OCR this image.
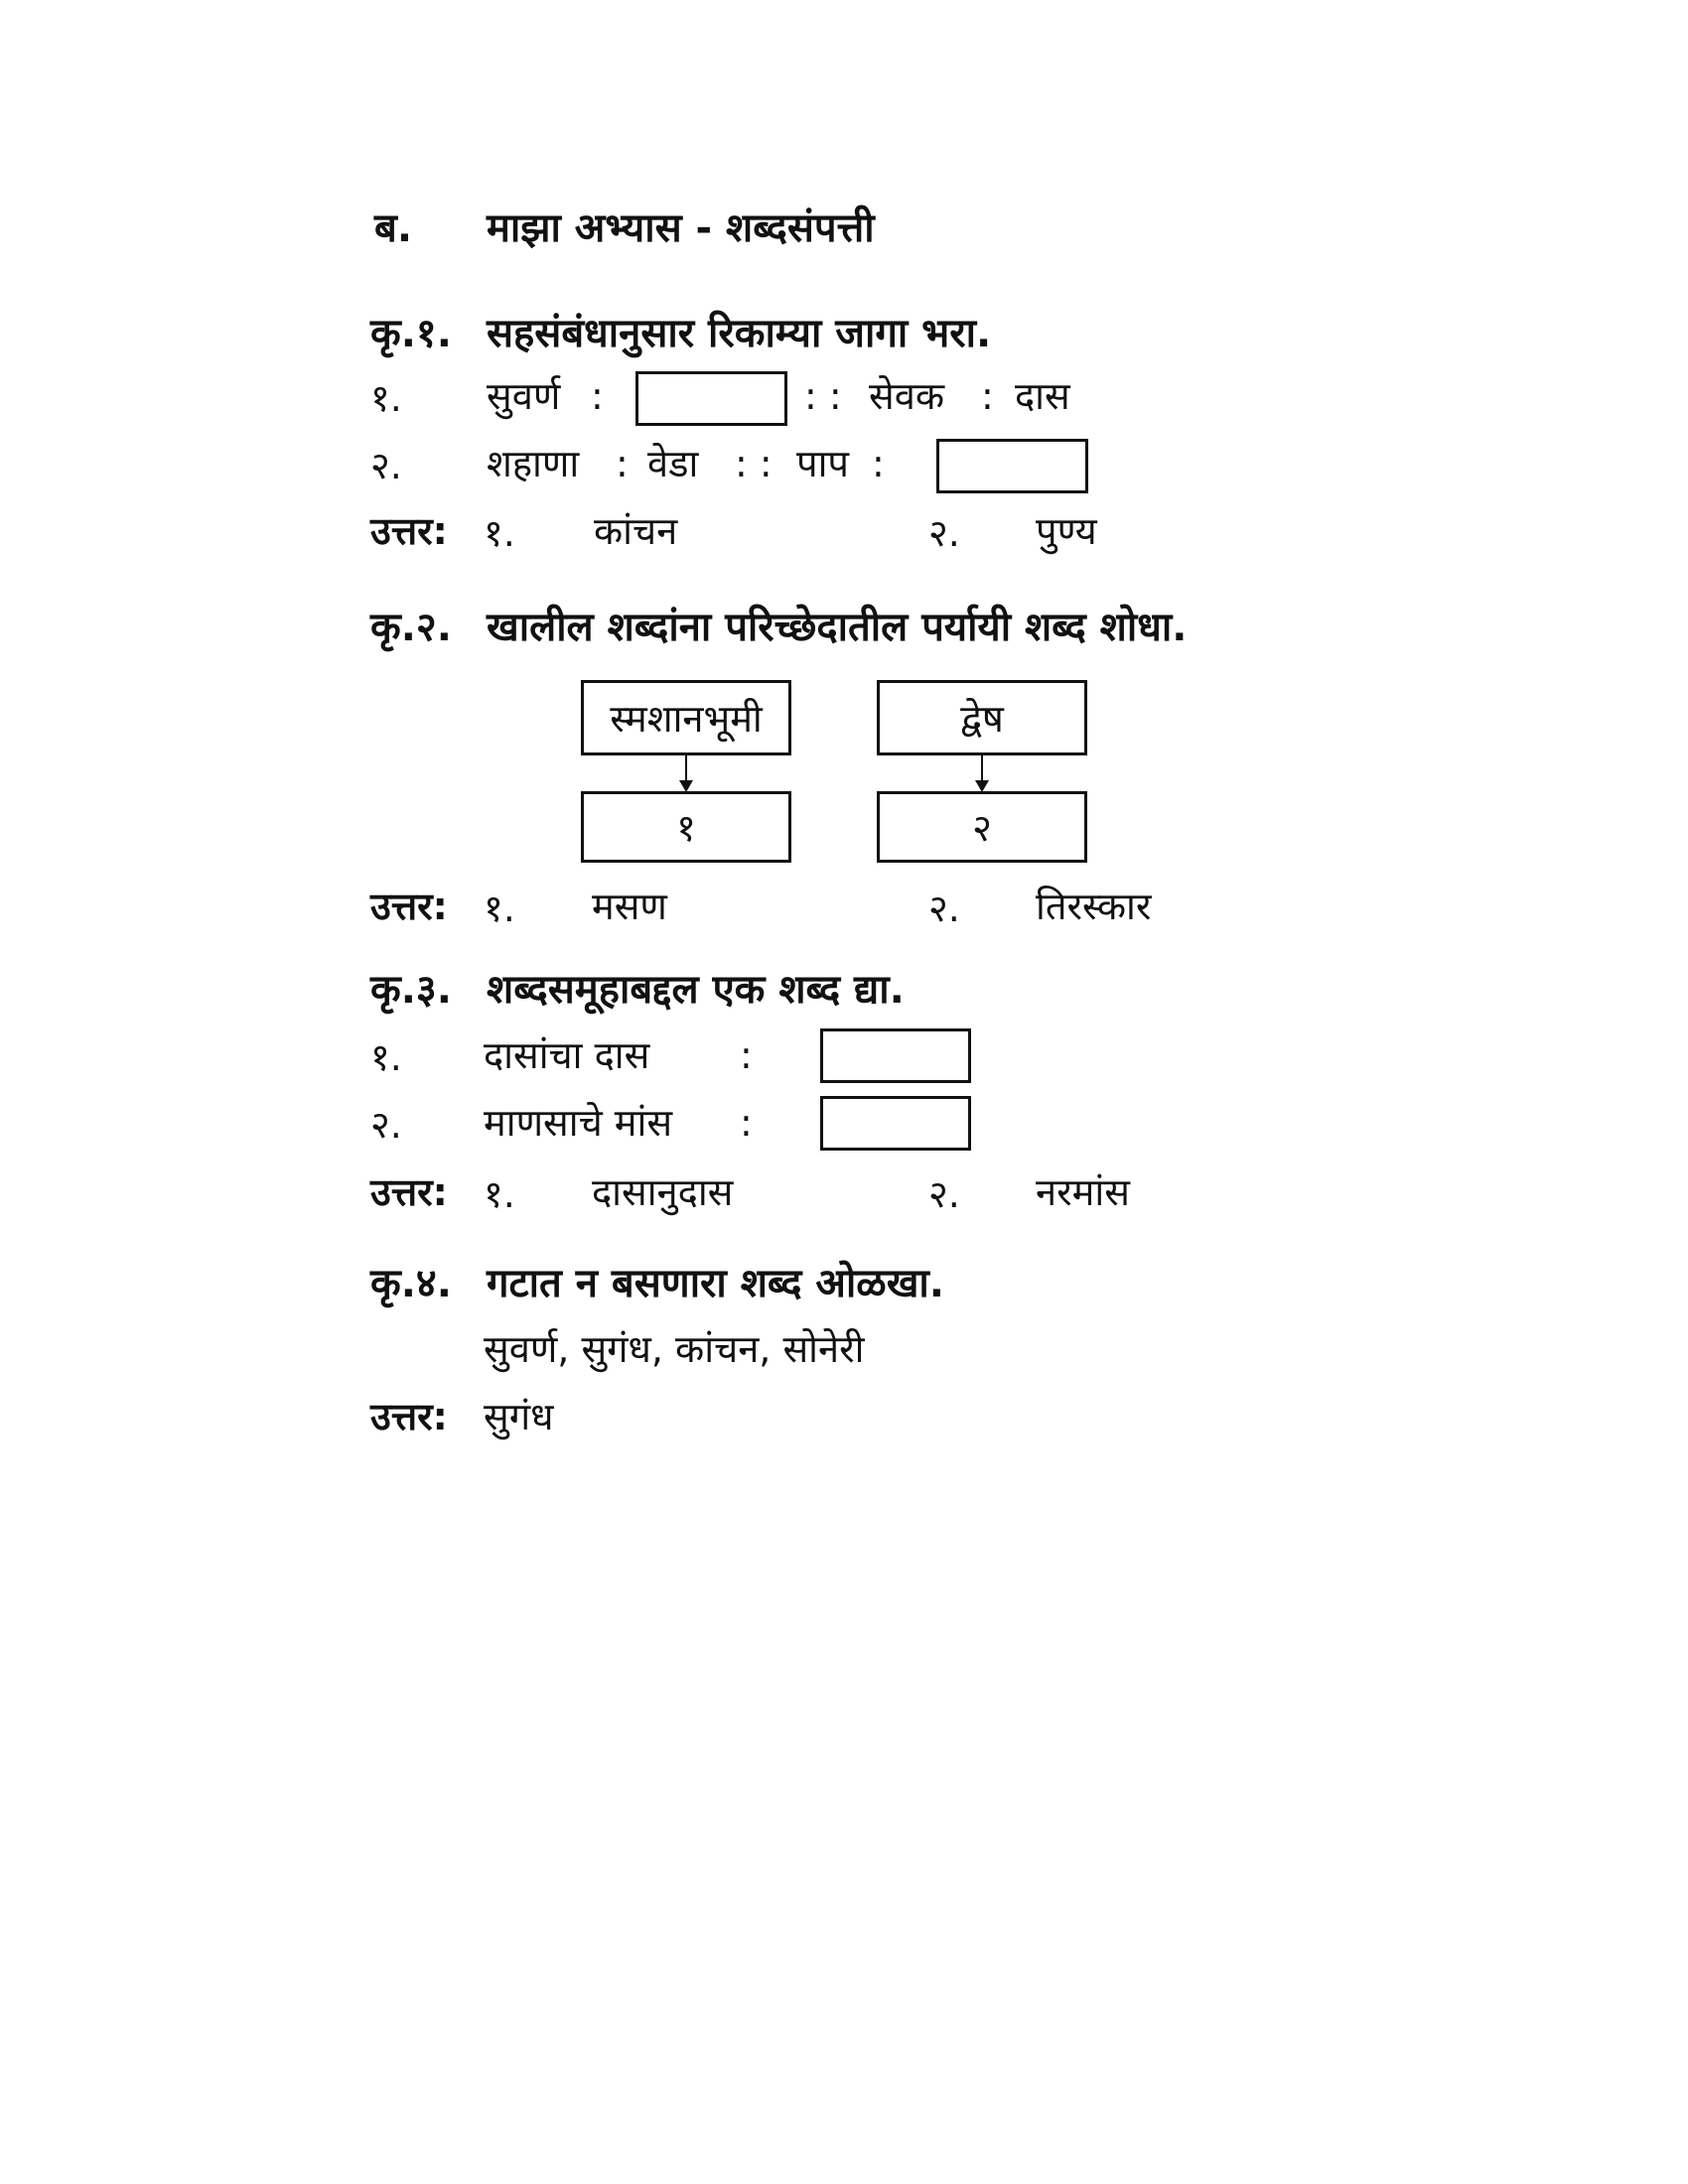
ब. माझा अभ्यास - शब्दसंपत्ती
कृ.१. सहसंबंधानुसार रिकाम्या जागा भरा.
१. सुवर्ण :	: : सेवक : दास
२. शहाणा : वेडा : : पाप :
उत्तर: १. कांचन	२. पुण्य
कृ.२. खालील शब्दांना परिच्छेदातील पर्यायी शब्द शोधा.
स्मशानभूमी	द्वेष
१	२
उत्तर: १. मसण	२. तिरस्कार
कृ.३. शब्दसमूहाबद्दल एक शब्द द्या.
१. दासांचा दास :
२. माणसाचे मांस :
उत्तर: १. दासानुदास	२. नरमांस
कृ.४. गटात न बसणारा शब्द ओळखा.
सुवर्ण, सुगंध, कांचन, सोनेरी
उत्तर: सुगंध
